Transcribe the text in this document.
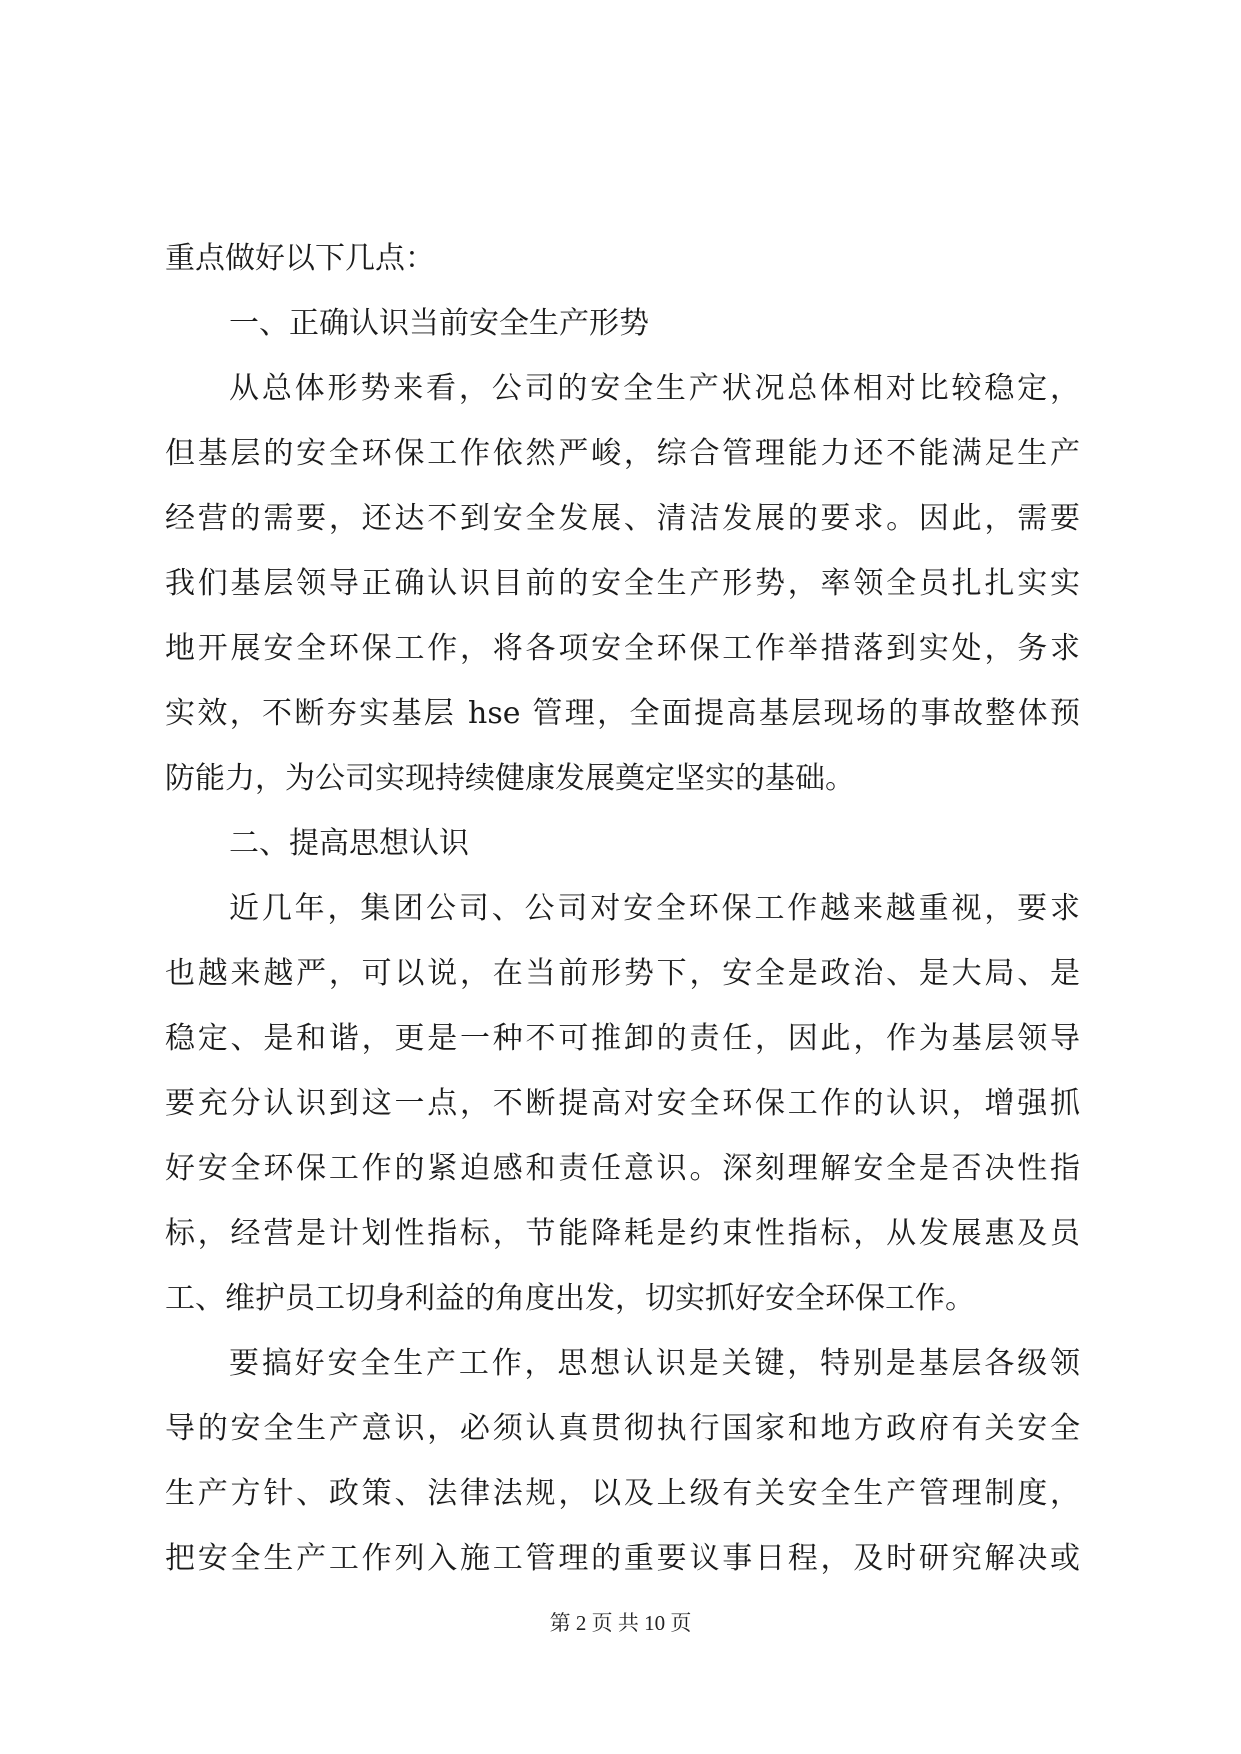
重点做好以下几点：
一、正确认识当前安全生产形势
从总体形势来看，公司的安全生产状况总体相对比较稳定，
但基层的安全环保工作依然严峻，综合管理能力还不能满足生产
经营的需要，还达不到安全发展、清洁发展的要求。因此，需要
我们基层领导正确认识目前的安全生产形势，率领全员扎扎实实
地开展安全环保工作，将各项安全环保工作举措落到实处，务求
实效，不断夯实基层 hse 管理，全面提高基层现场的事故整体预
防能力，为公司实现持续健康发展奠定坚实的基础。
二、提高思想认识
近几年，集团公司、公司对安全环保工作越来越重视，要求
也越来越严，可以说，在当前形势下，安全是政治、是大局、是
稳定、是和谐，更是一种不可推卸的责任，因此，作为基层领导
要充分认识到这一点，不断提高对安全环保工作的认识，增强抓
好安全环保工作的紧迫感和责任意识。深刻理解安全是否决性指
标，经营是计划性指标，节能降耗是约束性指标，从发展惠及员
工、维护员工切身利益的角度出发，切实抓好安全环保工作。
要搞好安全生产工作，思想认识是关键，特别是基层各级领
导的安全生产意识，必须认真贯彻执行国家和地方政府有关安全
生产方针、政策、法律法规，以及上级有关安全生产管理制度，
把安全生产工作列入施工管理的重要议事日程，及时研究解决或
第 2 页 共 10 页
